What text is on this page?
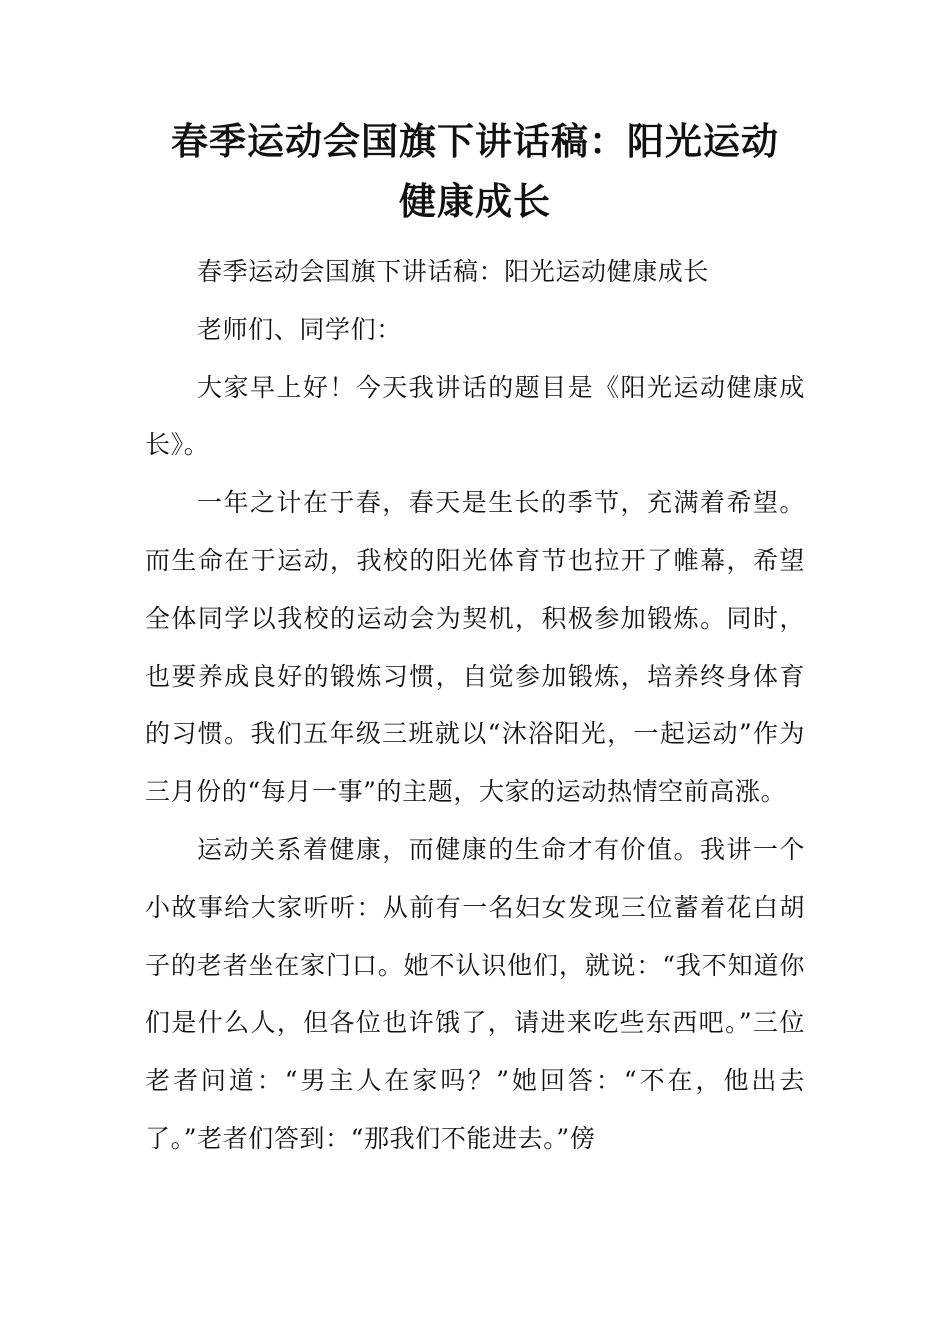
春季运动会国旗下讲话稿：阳光运动
健康成长

春季运动会国旗下讲话稿：阳光运动健康成长

老师们、同学们：

大家早上好！今天我讲话的题目是《阳光运动健康成长》。

一年之计在于春，春天是生长的季节，充满着希望。而生命在于运动，我校的阳光体育节也拉开了帷幕，希望全体同学以我校的运动会为契机，积极参加锻炼。同时，也要养成良好的锻炼习惯，自觉参加锻炼，培养终身体育的习惯。我们五年级三班就以“沐浴阳光，一起运动”作为三月份的“每月一事”的主题，大家的运动热情空前高涨。

运动关系着健康，而健康的生命才有价值。我讲一个小故事给大家听听：从前有一名妇女发现三位蓄着花白胡子的老者坐在家门口。她不认识他们，就说：“我不知道你们是什么人，但各位也许饿了，请进来吃些东西吧。”三位老者问道：“男主人在家吗？”她回答：“不在，他出去了。”老者们答到：“那我们不能进去。”傍
